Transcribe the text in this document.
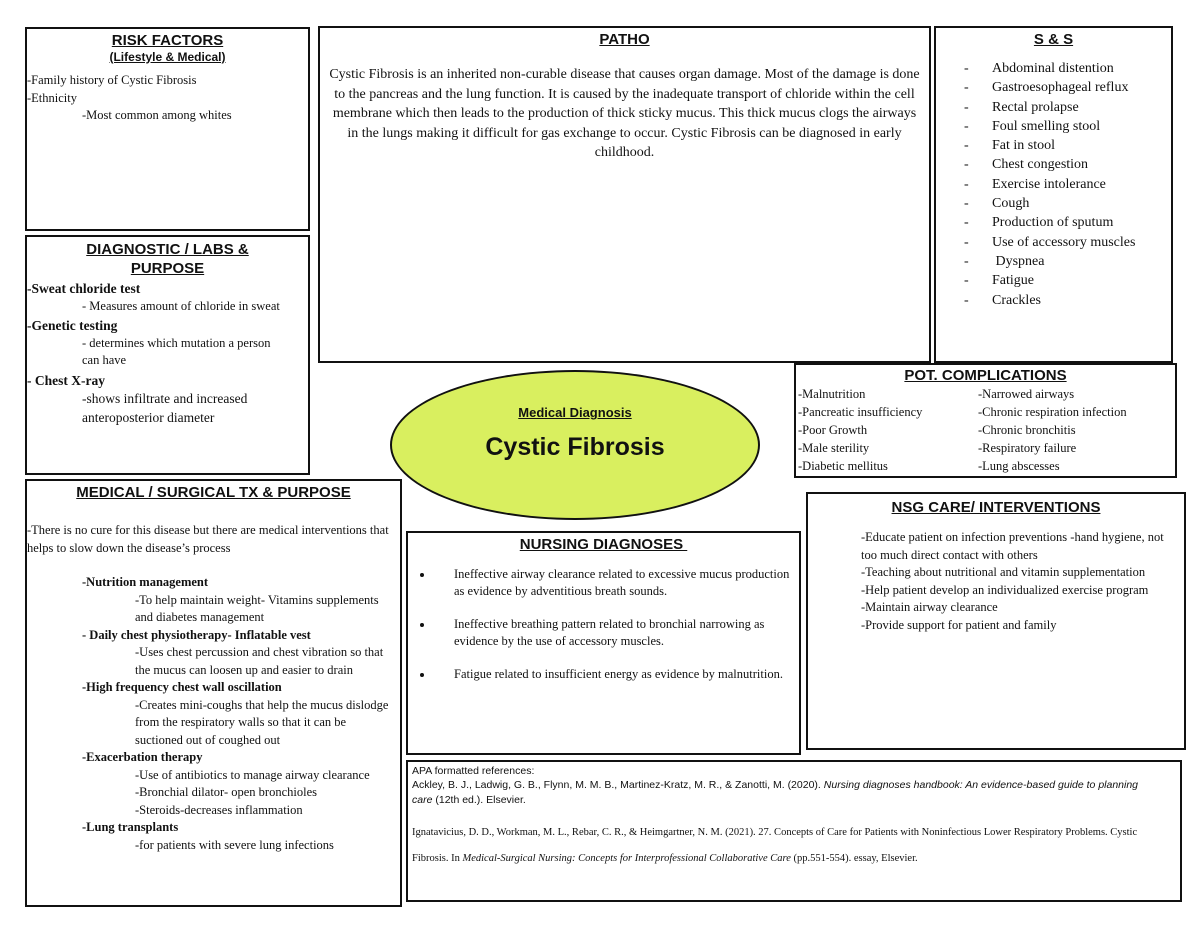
RISK FACTORS
(Lifestyle & Medical)
-Family history of Cystic Fibrosis
-Ethnicity
-Most common among whites
PATHO
Cystic Fibrosis is an inherited non-curable disease that causes organ damage. Most of the damage is done to the pancreas and the lung function. It is caused by the inadequate transport of chloride within the cell membrane which then leads to the production of thick sticky mucus. This thick mucus clogs the airways in the lungs making it difficult for gas exchange to occur. Cystic Fibrosis can be diagnosed in early childhood.
S & S
- Abdominal distention
- Gastroesophageal reflux
- Rectal prolapse
- Foul smelling stool
- Fat in stool
- Chest congestion
- Exercise intolerance
- Cough
- Production of sputum
- Use of accessory muscles
-  Dyspnea
- Fatigue
- Crackles
DIAGNOSTIC / LABS & PURPOSE
-Sweat chloride test
- Measures amount of chloride in sweat
-Genetic testing
- determines which mutation a person can have
- Chest X-ray
-shows infiltrate and increased anteroposterior diameter	Medical Diagnosis
Cystic Fibrosis
POT. COMPLICATIONS
-Malnutrition
-Pancreatic insufficiency
-Poor Growth
-Male sterility
-Diabetic mellitus
-Narrowed airways
-Chronic respiration infection
-Chronic bronchitis
-Respiratory failure
-Lung abscesses
MEDICAL / SURGICAL TX & PURPOSE
-There is no cure for this disease but there are medical interventions that helps to slow down the disease’s process
-Nutrition management
-To help maintain weight- Vitamins supplements and diabetes management
- Daily chest physiotherapy- Inflatable vest
-Uses chest percussion and chest vibration so that the mucus can loosen up and easier to drain
-High frequency chest wall oscillation
-Creates mini-coughs that help the mucus dislodge from the respiratory walls so that it can be suctioned out of coughed out
-Exacerbation therapy
-Use of antibiotics to manage airway clearance
-Bronchial dilator- open bronchioles
-Steroids-decreases inflammation
-Lung transplants
-for patients with severe lung infections
NURSING DIAGNOSES
• Ineffective airway clearance related to excessive mucus production as evidence by adventitious breath sounds.
• Ineffective breathing pattern related to bronchial narrowing as evidence by the use of accessory muscles.
• Fatigue related to insufficient energy as evidence by malnutrition.
NSG CARE/ INTERVENTIONS
-Educate patient on infection preventions -hand hygiene, not too much direct contact with others
-Teaching about nutritional and vitamin supplementation
-Help patient develop an individualized exercise program
-Maintain airway clearance
-Provide support for patient and family
APA formatted references:
Ackley, B. J., Ladwig, G. B., Flynn, M. M. B., Martinez-Kratz, M. R., & Zanotti, M. (2020). Nursing diagnoses handbook: An evidence-based guide to planning care (12th ed.). Elsevier.
Ignatavicius, D. D., Workman, M. L., Rebar, C. R., & Heimgartner, N. M. (2021). 27. Concepts of Care for Patients with Noninfectious Lower Respiratory Problems. Cystic Fibrosis. In Medical-Surgical Nursing: Concepts for Interprofessional Collaborative Care (pp.551-554). essay, Elsevier.
